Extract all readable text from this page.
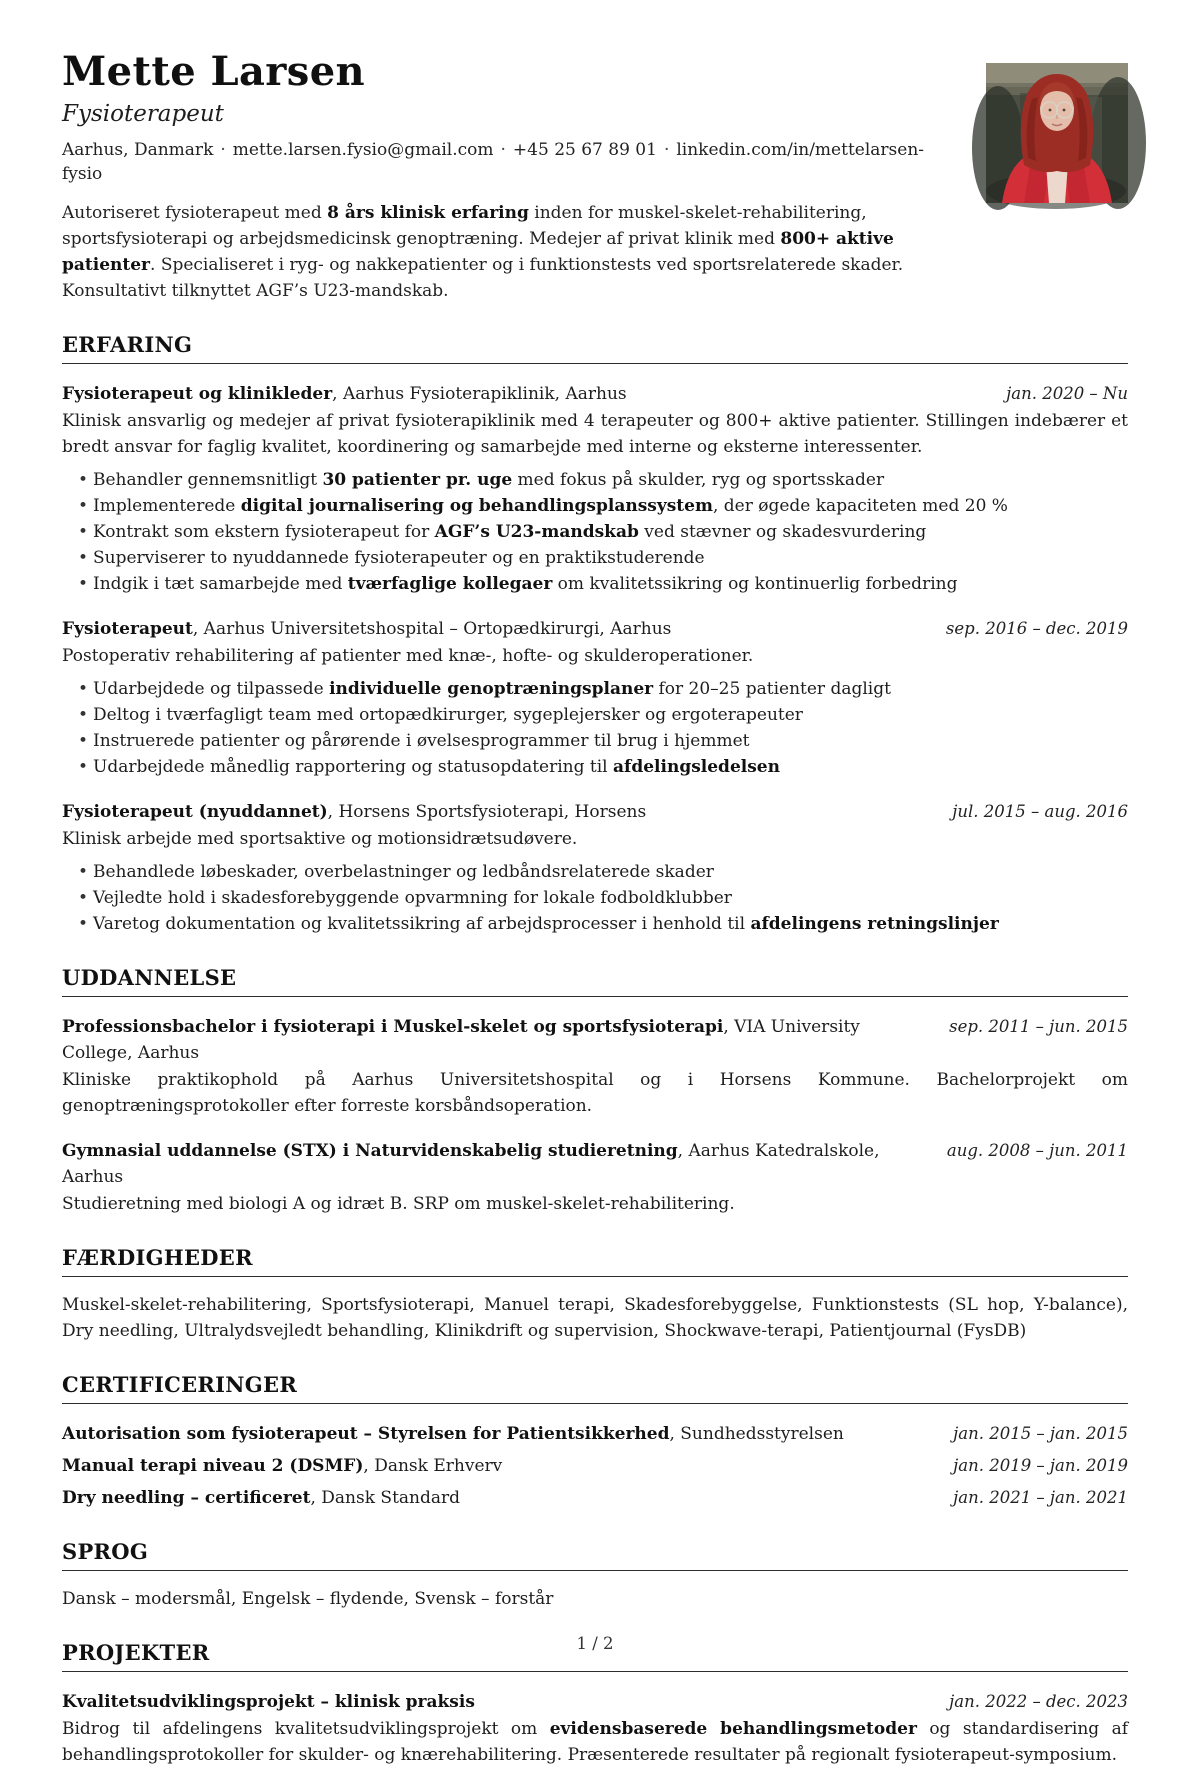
Mette Larsen
Fysioterapeut
Aarhus, Danmark · mette.larsen.fysio@gmail.com · +45 25 67 89 01 · linkedin.com/in/mettelarsen-fysio

Autoriseret fysioterapeut med 8 års klinisk erfaring inden for muskel-skelet-rehabilitering, sportsfysioterapi og arbejdsmedicinsk genoptræning. Medejer af privat klinik med 800+ aktive patienter. Specialiseret i ryg- og nakkepatienter og i funktionstests ved sportsrelaterede skader. Konsultativt tilknyttet AGF’s U23-mandskab.

ERFARING
Fysioterapeut og klinikleder, Aarhus Fysioterapiklinik, Aarhus	jan. 2020 – Nu

Klinisk ansvarlig og medejer af privat fysioterapiklinik med 4 terapeuter og 800+ aktive patienter. Stillingen indebærer et bredt ansvar for faglig kvalitet, koordinering og samarbejde med interne og eksterne interessenter.

• Behandler gennemsnitligt 30 patienter pr. uge med fokus på skulder, ryg og sportsskader
• Implementerede digital journalisering og behandlingsplanssystem, der øgede kapaciteten med 20 %
• Kontrakt som ekstern fysioterapeut for AGF’s U23-mandskab ved stævner og skadesvurdering
• Superviserer to nyuddannede fysioterapeuter og en praktikstuderende
• Indgik i tæt samarbejde med tværfaglige kollegaer om kvalitetssikring og kontinuerlig forbedring
Fysioterapeut, Aarhus Universitetshospital – Ortopædkirurgi, Aarhus	sep. 2016 – dec. 2019

Postoperativ rehabilitering af patienter med knæ-, hofte- og skulderoperationer.

• Udarbejdede og tilpassede individuelle genoptræningsplaner for 20–25 patienter dagligt
• Deltog i tværfagligt team med ortopædkirurger, sygeplejersker og ergoterapeuter
• Instruerede patienter og pårørende i øvelsesprogrammer til brug i hjemmet
• Udarbejdede månedlig rapportering og statusopdatering til afdelingsledelsen
Fysioterapeut (nyuddannet), Horsens Sportsfysioterapi, Horsens	jul. 2015 – aug. 2016

Klinisk arbejde med sportsaktive og motionsidrætsudøvere.

• Behandlede løbeskader, overbelastninger og ledbåndsrelaterede skader
• Vejledte hold i skadesforebyggende opvarmning for lokale fodboldklubber
• Varetog dokumentation og kvalitetssikring af arbejdsprocesser i henhold til afdelingens retningslinjer
UDDANNELSE
Professionsbachelor i fysioterapi i Muskel-skelet og sportsfysioterapi, VIA University College, Aarhus
sep. 2011 – jun. 2015

Kliniske praktikophold på Aarhus Universitetshospital og i Horsens Kommune. Bachelorprojekt om genoptræningsprotokoller efter forreste korsbåndsoperation.

Gymnasial uddannelse (STX) i Naturvidenskabelig studieretning, Aarhus Katedralskole, Aarhus
aug. 2008 – jun. 2011

Studieretning med biologi A og idræt B. SRP om muskel-skelet-rehabilitering.

FÆRDIGHEDER

Muskel-skelet-rehabilitering, Sportsfysioterapi, Manuel terapi, Skadesforebyggelse, Funktionstests (SL hop, Y-balance), Dry needling, Ultralydsvejledt behandling, Klinikdrift og supervision, Shockwave-terapi, Patientjournal (FysDB)

CERTIFICERINGER
Autorisation som fysioterapeut – Styrelsen for Patientsikkerhed, Sundhedsstyrelsen	jan. 2015 – jan. 2015
Manual terapi niveau 2 (DSMF), Dansk Erhverv	jan. 2019 – jan. 2019
Dry needling – certificeret, Dansk Standard	jan. 2021 – jan. 2021
SPROG

Dansk – modersmål, Engelsk – flydende, Svensk – forstår

PROJEKTER
Kvalitetsudviklingsprojekt – klinisk praksis	jan. 2022 – dec. 2023

Bidrog til afdelingens kvalitetsudviklingsprojekt om evidensbaserede behandlingsmetoder og standardisering af behandlingsprotokoller for skulder- og knærehabilitering. Præsenterede resultater på regionalt fysioterapeut-symposium.

1 / 2
